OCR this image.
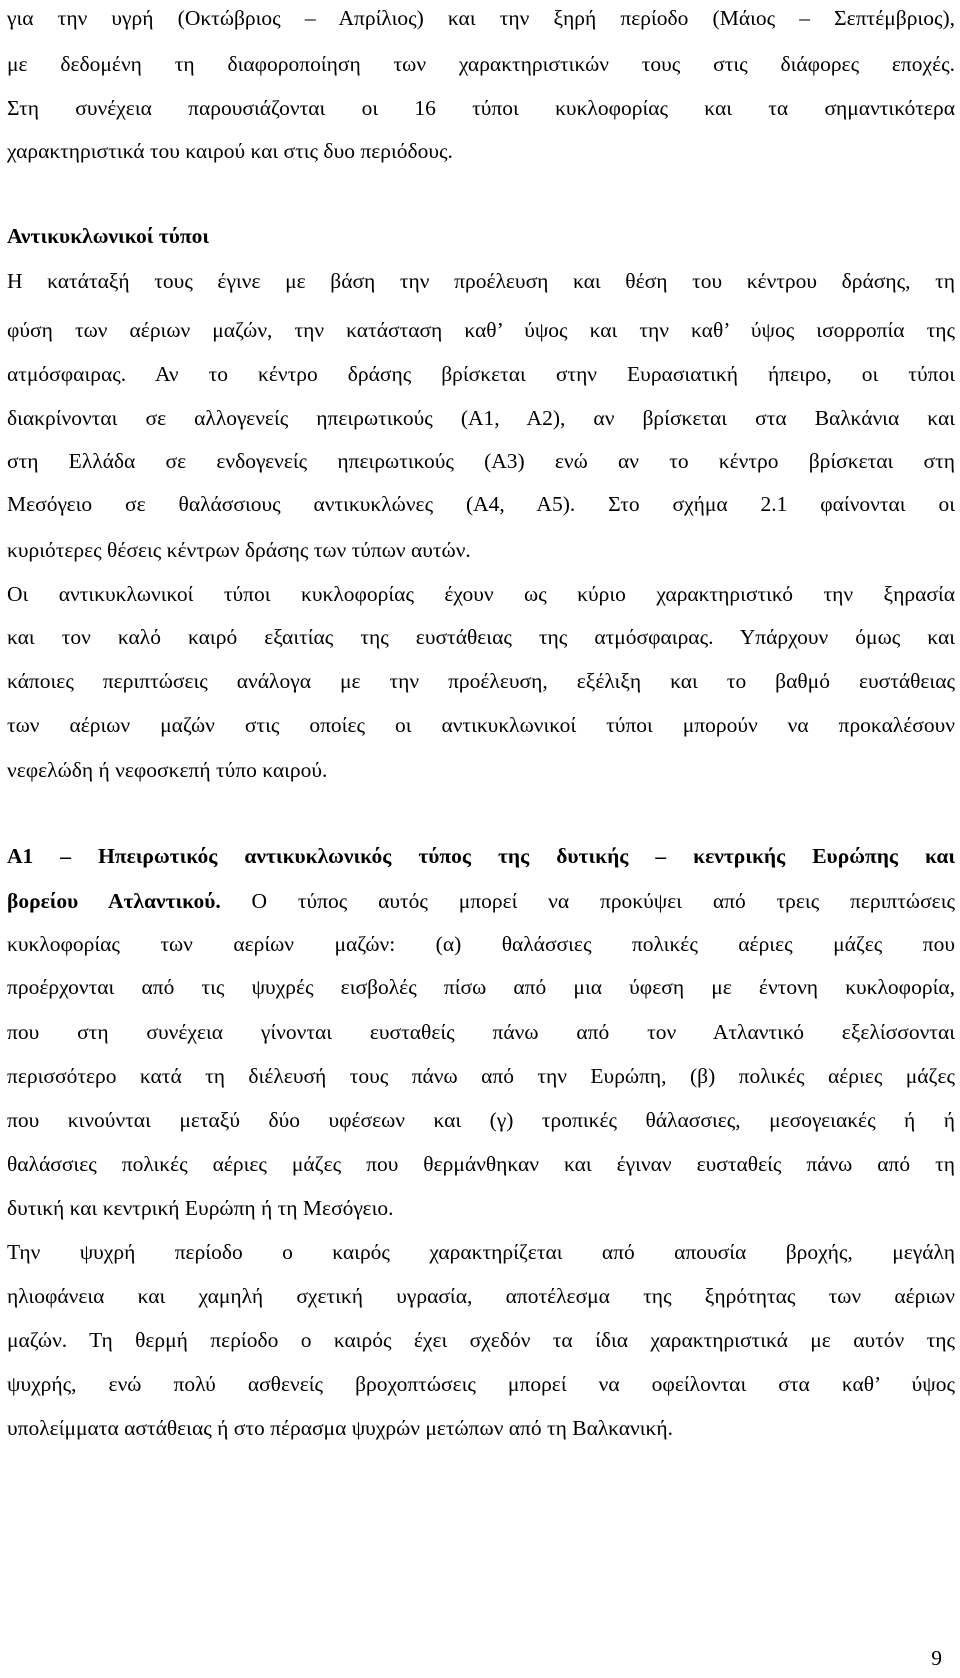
για την υγρή (Οκτώβριος – Απρίλιος) και την ξηρή περίοδο (Μάιος – Σεπτέμβριος),
με δεδομένη τη διαφοροποίηση των χαρακτηριστικών τους στις διάφορες εποχές.
Στη συνέχεια παρουσιάζονται οι 16 τύποι κυκλοφορίας και τα σημαντικότερα
χαρακτηριστικά του καιρού και στις δυο περιόδους.
Αντικυκλωνικοί τύποι
Η κατάταξή τους έγινε με βάση την προέλευση και θέση του κέντρου δράσης, τη
φύση των αέριων μαζών, την κατάσταση καθ’ ύψος και την καθ’ ύψος ισορροπία της
ατμόσφαιρας. Αν το κέντρο δράσης βρίσκεται στην Ευρασιατική ήπειρο, οι τύποι
διακρίνονται σε αλλογενείς ηπειρωτικούς (Α1, Α2), αν βρίσκεται στα Βαλκάνια και
στη Ελλάδα σε ενδογενείς ηπειρωτικούς (Α3) ενώ αν το κέντρο βρίσκεται στη
Μεσόγειο σε θαλάσσιους αντικυκλώνες (Α4, Α5). Στο σχήμα 2.1 φαίνονται οι
κυριότερες θέσεις κέντρων δράσης των τύπων αυτών.
Οι αντικυκλωνικοί τύποι κυκλοφορίας έχουν ως κύριο χαρακτηριστικό την ξηρασία
και τον καλό καιρό εξαιτίας της ευστάθειας της ατμόσφαιρας. Υπάρχουν όμως και
κάποιες περιπτώσεις ανάλογα με την προέλευση, εξέλιξη και το βαθμό ευστάθειας
των αέριων μαζών στις οποίες οι αντικυκλωνικοί τύποι μπορούν να προκαλέσουν
νεφελώδη ή νεφοσκεπή τύπο καιρού.
Α1 – Ηπειρωτικός αντικυκλωνικός τύπος της δυτικής – κεντρικής Ευρώπης και
βορείου Ατλαντικού. Ο τύπος αυτός μπορεί να προκύψει από τρεις περιπτώσεις
κυκλοφορίας των αερίων μαζών: (α) θαλάσσιες πολικές αέριες μάζες που
προέρχονται από τις ψυχρές εισβολές πίσω από μια ύφεση με έντονη κυκλοφορία,
που στη συνέχεια γίνονται ευσταθείς πάνω από τον Ατλαντικό εξελίσσονται
περισσότερο κατά τη διέλευσή τους πάνω από την Ευρώπη, (β) πολικές αέριες μάζες
που κινούνται μεταξύ δύο υφέσεων και (γ) τροπικές θάλασσιες, μεσογειακές ή ή
θαλάσσιες πολικές αέριες μάζες που θερμάνθηκαν και έγιναν ευσταθείς πάνω από τη
δυτική και κεντρική Ευρώπη ή τη Μεσόγειο.
Την ψυχρή περίοδο ο καιρός χαρακτηρίζεται από απουσία βροχής, μεγάλη
ηλιοφάνεια και χαμηλή σχετική υγρασία, αποτέλεσμα της ξηρότητας των αέριων
μαζών. Τη θερμή περίοδο ο καιρός έχει σχεδόν τα ίδια χαρακτηριστικά με αυτόν της
ψυχρής, ενώ πολύ ασθενείς βροχοπτώσεις μπορεί να οφείλονται στα καθ’ ύψος
υπολείμματα αστάθειας ή στο πέρασμα ψυχρών μετώπων από τη Βαλκανική.
9
